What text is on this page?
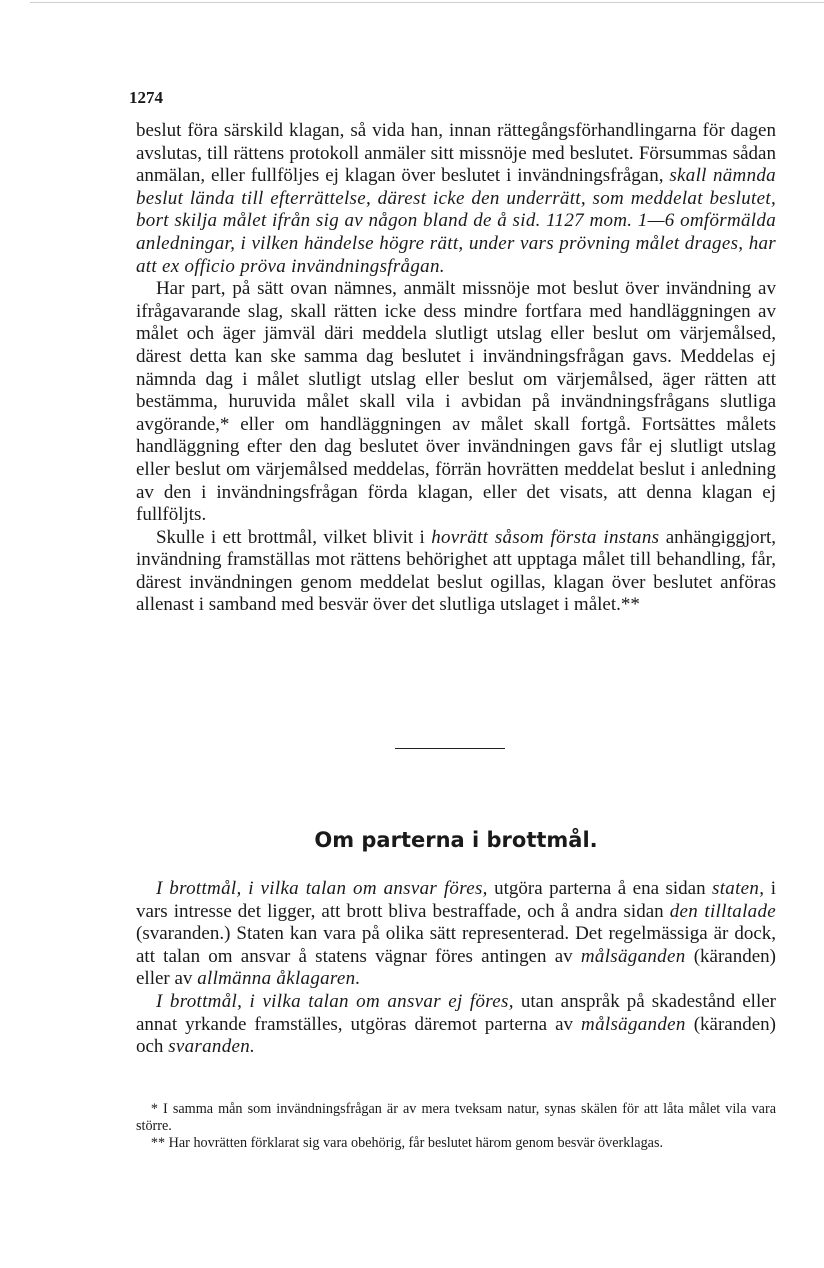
1274

beslut föra särskild klagan, så vida han, innan rättegångsförhandlingarna för dagen avslutas, till rättens protokoll anmäler sitt missnöje med beslutet. Försummas sådan anmälan, eller fullföljes ej klagan över beslutet i invändningsfrågan, skall nämnda beslut lända till efterrättelse, därest icke den underrätt, som meddelat beslutet, bort skilja målet ifrån sig av någon bland de å sid. 1127 mom. 1—6 omförmälda anledningar, i vilken händelse högre rätt, under vars prövning målet drages, har att ex officio pröva invändningsfrågan.

Har part, på sätt ovan nämnes, anmält missnöje mot beslut över invändning av ifrågavarande slag, skall rätten icke dess mindre fortfara med handläggningen av målet och äger jämväl däri meddela slutligt utslag eller beslut om värjemålsed, därest detta kan ske samma dag beslutet i invändningsfrågan gavs. Meddelas ej nämnda dag i målet slutligt utslag eller beslut om värjemålsed, äger rätten att bestämma, huruvida målet skall vila i avbidan på invändningsfrågans slutliga avgörande,* eller om handläggningen av målet skall fortgå. Fortsättes målets handläggning efter den dag beslutet över invändningen gavs får ej slutligt utslag eller beslut om värjemålsed meddelas, förrän hovrätten meddelat beslut i anledning av den i invändningsfrågan förda klagan, eller det visats, att denna klagan ej fullföljts.

Skulle i ett brottmål, vilket blivit i hovrätt såsom första instans anhängiggjort, invändning framställas mot rättens behörighet att upptaga målet till behandling, får, därest invändningen genom meddelat beslut ogillas, klagan över beslutet anföras allenast i samband med besvär över det slutliga utslaget i målet.**

Om parterna i brottmål.

I brottmål, i vilka talan om ansvar föres, utgöra parterna å ena sidan staten, i vars intresse det ligger, att brott bliva bestraffade, och å andra sidan den tilltalade (svaranden.) Staten kan vara på olika sätt representerad. Det regelmässiga är dock, att talan om ansvar å statens vägnar föres antingen av målsäganden (käranden) eller av allmänna åklagaren.

I brottmål, i vilka talan om ansvar ej föres, utan anspråk på skadestånd eller annat yrkande framställes, utgöras däremot parterna av målsäganden (käranden) och svaranden.

* I samma mån som invändningsfrågan är av mera tveksam natur, synas skälen för att låta målet vila vara större.

** Har hovrätten förklarat sig vara obehörig, får beslutet härom genom besvär överklagas.
